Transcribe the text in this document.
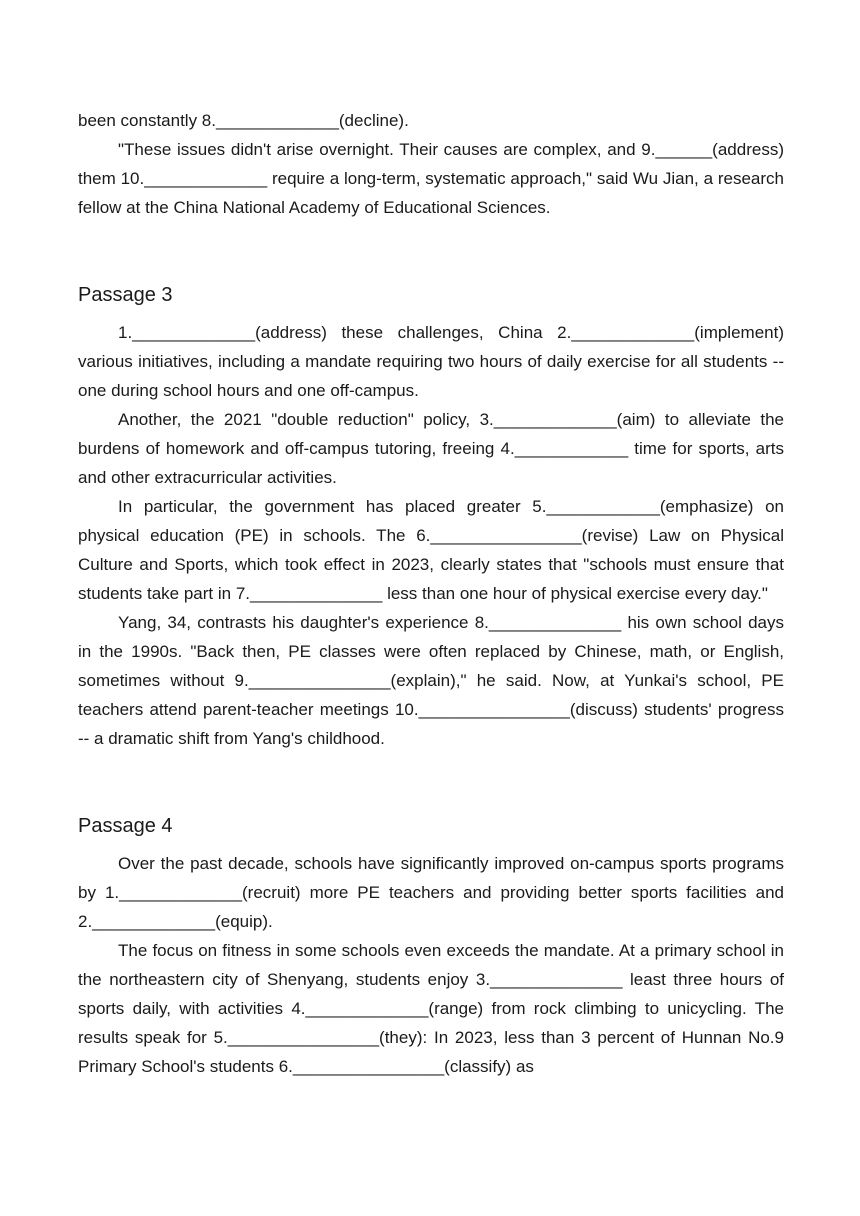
been constantly 8._____________(decline).

"These issues didn't arise overnight. Their causes are complex, and 9.______(address) them 10._____________ require a long-term, systematic approach," said Wu Jian, a research fellow at the China National Academy of Educational Sciences.

Passage 3

1._____________(address) these challenges, China 2._____________(implement) various initiatives, including a mandate requiring two hours of daily exercise for all students -- one during school hours and one off-campus.

Another, the 2021 "double reduction" policy, 3._____________(aim) to alleviate the burdens of homework and off-campus tutoring, freeing 4.____________ time for sports, arts and other extracurricular activities.

In particular, the government has placed greater 5.____________(emphasize) on physical education (PE) in schools. The 6.________________(revise) Law on Physical Culture and Sports, which took effect in 2023, clearly states that "schools must ensure that students take part in 7.______________ less than one hour of physical exercise every day."

Yang, 34, contrasts his daughter's experience 8.______________ his own school days in the 1990s. "Back then, PE classes were often replaced by Chinese, math, or English, sometimes without 9._______________(explain)," he said. Now, at Yunkai's school, PE teachers attend parent-teacher meetings 10.________________(discuss) students' progress -- a dramatic shift from Yang's childhood.

Passage 4

Over the past decade, schools have significantly improved on-campus sports programs by 1._____________(recruit) more PE teachers and providing better sports facilities and 2._____________(equip).

The focus on fitness in some schools even exceeds the mandate. At a primary school in the northeastern city of Shenyang, students enjoy 3.______________ least three hours of sports daily, with activities 4._____________(range) from rock climbing to unicycling. The results speak for 5.________________(they): In 2023, less than 3 percent of Hunnan No.9 Primary School's students 6.________________(classify) as
